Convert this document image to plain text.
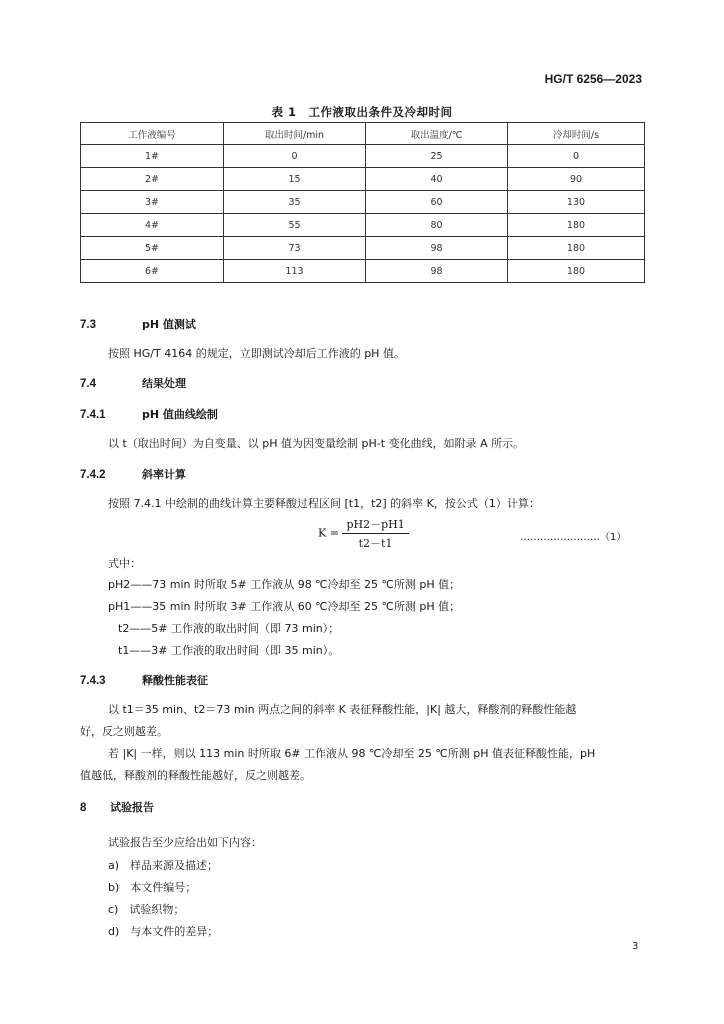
HG/T 6256—2023
表 1　工作液取出条件及冷却时间
工作液编号	取出时间/min	取出温度/℃	冷却时间/s
1#	0	25	0
2#	15	40	90
3#	35	60	130
4#	55	80	180
5#	73	98	180
6#	113	98	180
7.3	pH 值测试
按照 HG/T 4164 的规定，立即测试冷却后工作液的 pH 值。
7.4	结果处理
7.4.1	pH 值曲线绘制
以 t（取出时间）为自变量、以 pH 值为因变量绘制 pH-t 变化曲线，如附录 A 所示。
7.4.2	斜率计算
按照 7.4.1 中绘制的曲线计算主要释酸过程区间 [t1，t2] 的斜率 K，按公式（1）计算：
$K = \frac{pH2-pH1}{t2-t1}$	……………………（1）
式中：
pH2——73 min 时所取 5# 工作液从 98 ℃冷却至 25 ℃所测 pH 值；
pH1——35 min 时所取 3# 工作液从 60 ℃冷却至 25 ℃所测 pH 值；
t2——5# 工作液的取出时间（即 73 min）；
t1——3# 工作液的取出时间（即 35 min）。
7.4.3	释酸性能表征
以 t1＝35 min、t2＝73 min 两点之间的斜率 K 表征释酸性能，|K| 越大，释酸剂的释酸性能越
好，反之则越差。
若 |K| 一样，则以 113 min 时所取 6# 工作液从 98 ℃冷却至 25 ℃所测 pH 值表征释酸性能，pH
值越低，释酸剂的释酸性能越好，反之则越差。
8 试验报告
试验报告至少应给出如下内容：
a)　样品来源及描述；
b)　本文件编号；
c)　试验织物；
d)　与本文件的差异；
3
